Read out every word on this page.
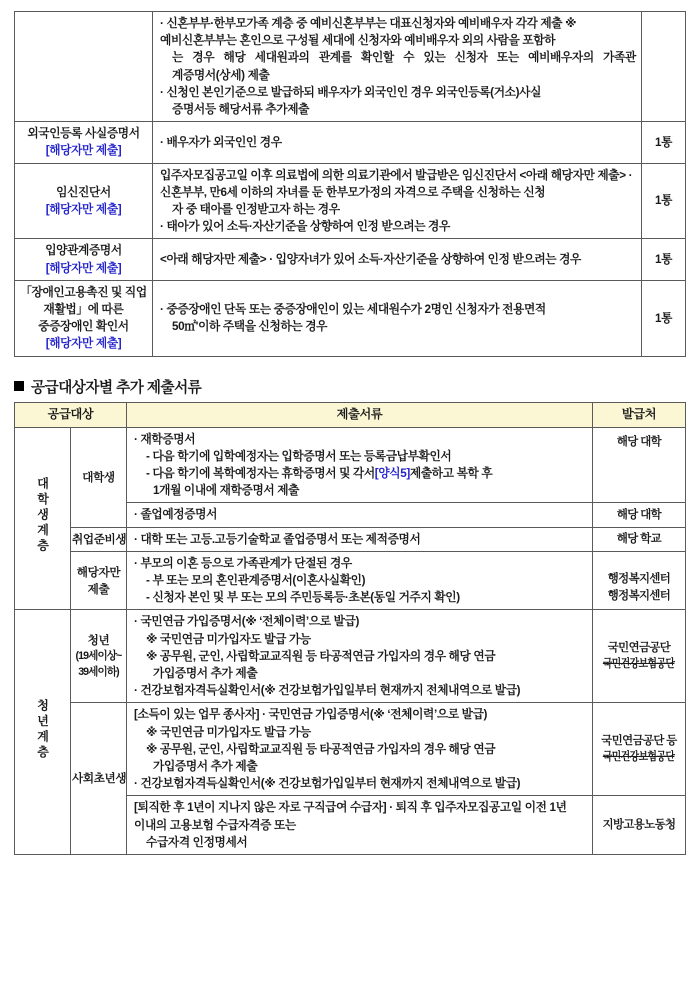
	· 신혼부부·한부모가족 계층 중 예비신혼부부는 대표신청자와 예비배우자 각각 제출 ※ 예비신혼부부는 혼인으로 구성될 세대에 신청자와 예비배우자 외의 사람을 포함하
는 경우 해당 세대원과의 관계를 확인할 수 있는 신청자 또는 예비배우자의 가족관
계증명서(상세) 제출
· 신청인 본인기준으로 발급하되 배우자가 외국인인 경우 외국인등록(거소)사실
증명서등 해당서류 추가제출	

외국인등록 사실증명서
[해당자만 제출]	· 배우자가 외국인인 경우	1통
임신진단서
[해당자만 제출]	입주자모집공고일 이후 의료법에 의한 의료기관에서 발급받은 임신진단서 <아래 해당자만 제출> · 신혼부부, 만6세 이하의 자녀를 둔 한부모가정의 자격으로 주택을 신청하는 신청
자 중 태아를 인정받고자 하는 경우
· 태아가 있어 소득·자산기준을 상향하여 인정 받으려는 경우	1통
입양관계증명서
[해당자만 제출]	<아래 해당자만 제출> · 입양자녀가 있어 소득·자산기준을 상향하여 인정 받으려는 경우	1통
「장애인고용촉진 및 직업 재활법」에 따른 중증장애인 확인서
[해당자만 제출]	· 중증장애인 단독 또는 중증장애인이 있는 세대원수가 2명인 신청자가 전용면적
50㎡'이하 주택을 신청하는 경우	1통
공급대상자별 추가 제출서류
공급대상		제출서류	발급처
대학생계층	대학생	· 재학증명서
- 다음 학기에 입학예정자는 입학증명서 또는 등록금납부확인서
- 다음 학기에 복학예정자는 휴학증명서 및 각서[양식5]제출하고 복학 후
1개월 이내에 재학증명서 제출	해당 대학

		· 졸업예정증명서	해당 대학

	취업준비생	· 대학 또는 고등.고등기술학교 졸업증명서 또는 제적증명서	해당 학교

	해당자만 제출	· 부모의 이혼 등으로 가족관계가 단절된 경우
- 부 또는 모의 혼인관계증명서(이혼사실확인)
- 신청자 본인 및 부 또는 모의 주민등록등·초본(동일 거주지 확인)	행정복지센터
행정복지센터

청년계층	청년
(19세이상~
39세이하)	· 국민연금 가입증명서(※ ‘전체이력’으로 발급)
※ 국민연금 미가입자도 발급 가능
※ 공무원, 군인, 사립학교교직원 등 타공적연금 가입자의 경우 해당 연금
가입증명서 추가 제출
· 건강보험자격득실확인서(※ 건강보험가입일부터 현재까지 전체내역으로 발급)	국민연금공단
국민건강보험공단

	사회초년생	[소득이 있는 업무 종사자] · 국민연금 가입증명서(※ ‘전체이력’으로 발급)
※ 국민연금 미가입자도 발급 가능
※ 공무원, 군인, 사립학교교직원 등 타공적연금 가입자의 경우 해당 연금
가입증명서 추가 제출
· 건강보험자격득실확인서(※ 건강보험가입일부터 현재까지 전체내역으로 발급)	국민연금공단 등
국민건강보험공단

		[퇴직한 후 1년이 지나지 않은 자로 구직급여 수급자] · 퇴직 후 입주자모집공고일 이전 1년 이내의 고용보험 수급자격증 또는
수급자격 인정명세서	지방고용노동청
